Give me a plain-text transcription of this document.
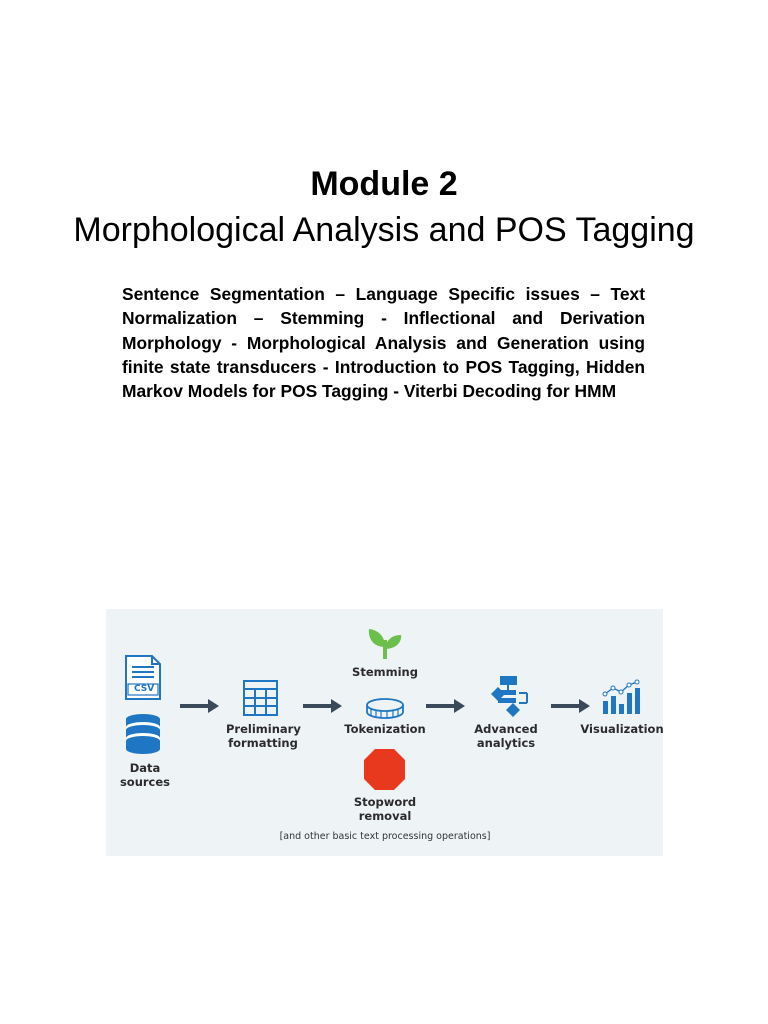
Module 2
Morphological Analysis and POS Tagging

Sentence Segmentation – Language Specific issues – Text Normalization – Stemming - Inflectional and Derivation Morphology - Morphological Analysis and Generation using finite state transducers - Introduction to POS Tagging, Hidden Markov Models for POS Tagging - Viterbi Decoding for HMM

CSV
Data sources
Preliminary formatting
Stemming
Tokenization
Stopword removal
Advanced analytics
Visualization
[and other basic text processing operations]
